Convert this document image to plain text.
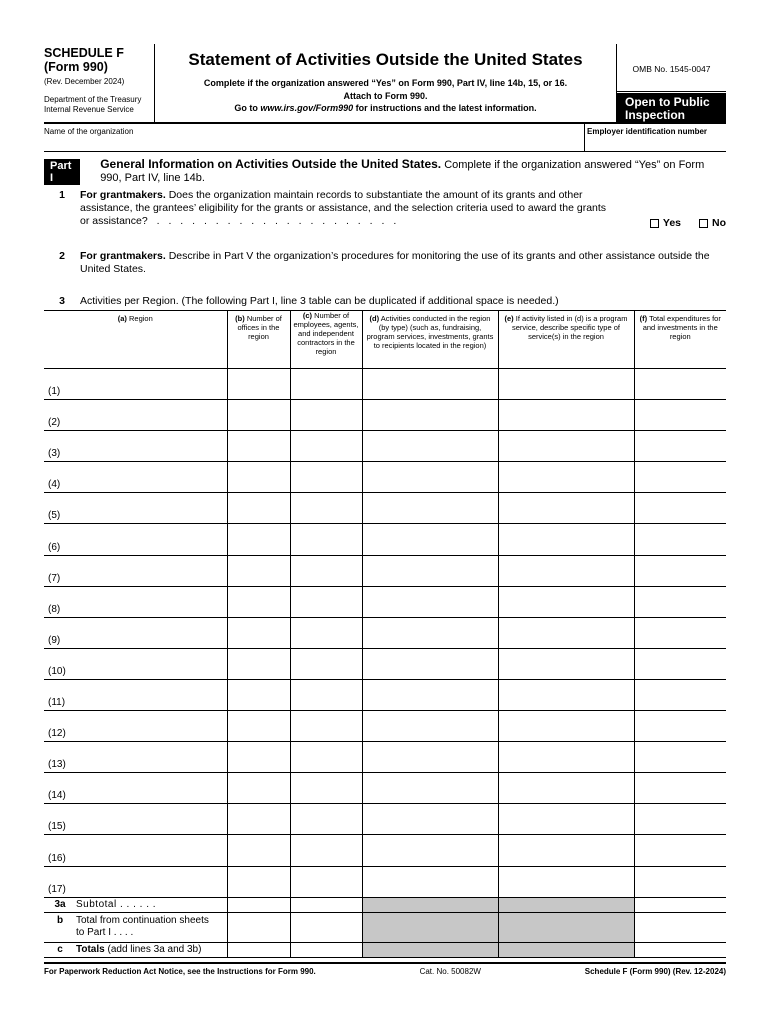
SCHEDULE F
(Form 990)
(Rev. December 2024)
Department of the Treasury
Internal Revenue Service
Statement of Activities Outside the United States
Complete if the organization answered “Yes” on Form 990, Part IV, line 14b, 15, or 16.
Attach to Form 990.
Go to www.irs.gov/Form990 for instructions and the latest information.
OMB No. 1545-0047
Open to Public
Inspection
Name of the organization	Employer identification number
Part I
General Information on Activities Outside the United States. Complete if the organization answered “Yes” on Form 990, Part IV, line 14b.
1	For grantmakers. Does the organization maintain records to substantiate the amount of its grants and other assistance, the grantees’ eligibility for the grants or assistance, and the selection criteria used to award the grants or assistance? . . . . . . . . . . . . . . . . . . . . .	Yes	No
2	For grantmakers. Describe in Part V the organization’s procedures for monitoring the use of its grants and other assistance outside the United States.
3	Activities per Region. (The following Part I, line 3 table can be duplicated if additional space is needed.)
(a) Region	(b) Number of offices in the region	(c) Number of employees, agents, and independent contractors in the region	(d) Activities conducted in the region (by type) (such as, fundraising, program services, investments, grants to recipients located in the region)	(e) If activity listed in (d) is a program service, describe specific type of service(s) in the region	(f) Total expenditures for and investments in the region
(1)					
(2)					
(3)					
(4)					
(5)					
(6)					
(7)					
(8)					
(9)					
(10)					
(11)					
(12)					
(13)					
(14)					
(15)					
(16)					
(17)					

3a Subtotal . . . . . .					

b Total from continuation sheets to Part I . . . .					

c Totals (add lines 3a and 3b)					

For Paperwork Reduction Act Notice, see the Instructions for Form 990.	Cat. No. 50082W	Schedule F (Form 990) (Rev. 12-2024)
